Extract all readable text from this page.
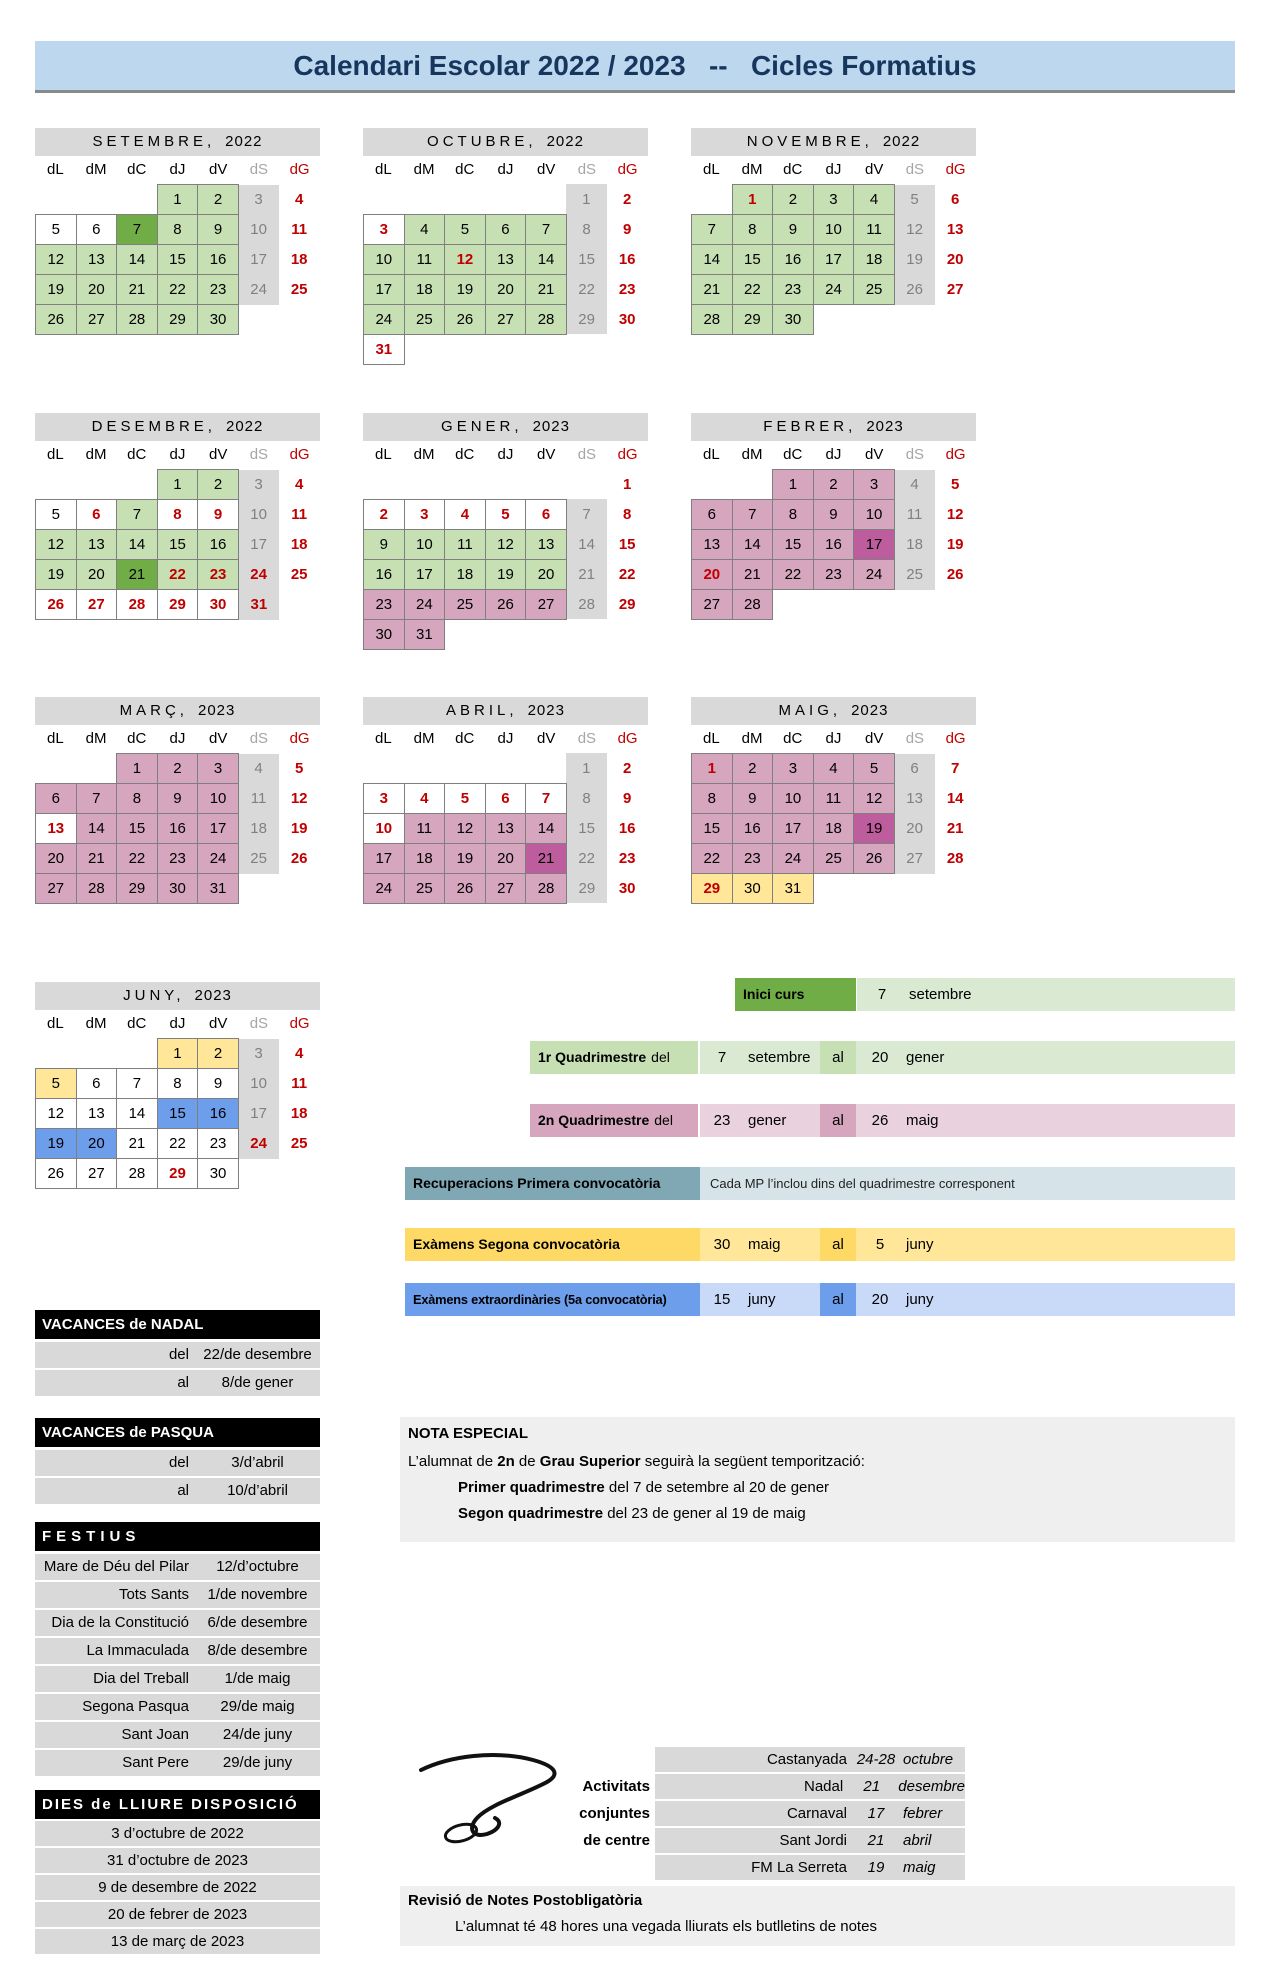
Calendari Escolar 2022 / 2023   --   Cicles Formatius
SETEMBRE, 2022
dL	dM	dC	dJ	dV	dS	dG
			1	2	3	4
5	6	7	8	9	10	11
12	13	14	15	16	17	18
19	20	21	22	23	24	25
26	27	28	29	30		
OCTUBRE, 2022
dL	dM	dC	dJ	dV	dS	dG
					1	2
3	4	5	6	7	8	9
10	11	12	13	14	15	16
17	18	19	20	21	22	23
24	25	26	27	28	29	30
31						
NOVEMBRE, 2022
dL	dM	dC	dJ	dV	dS	dG
	1	2	3	4	5	6
7	8	9	10	11	12	13
14	15	16	17	18	19	20
21	22	23	24	25	26	27
28	29	30				
DESEMBRE, 2022
dL	dM	dC	dJ	dV	dS	dG
			1	2	3	4
5	6	7	8	9	10	11
12	13	14	15	16	17	18
19	20	21	22	23	24	25
26	27	28	29	30	31	
GENER, 2023
dL	dM	dC	dJ	dV	dS	dG
						1
2	3	4	5	6	7	8
9	10	11	12	13	14	15
16	17	18	19	20	21	22
23	24	25	26	27	28	29
30	31					
FEBRER, 2023
dL	dM	dC	dJ	dV	dS	dG
		1	2	3	4	5
6	7	8	9	10	11	12
13	14	15	16	17	18	19
20	21	22	23	24	25	26
27	28					
MARÇ, 2023
dL	dM	dC	dJ	dV	dS	dG
		1	2	3	4	5
6	7	8	9	10	11	12
13	14	15	16	17	18	19
20	21	22	23	24	25	26
27	28	29	30	31		
ABRIL, 2023
dL	dM	dC	dJ	dV	dS	dG
					1	2
3	4	5	6	7	8	9
10	11	12	13	14	15	16
17	18	19	20	21	22	23
24	25	26	27	28	29	30
MAIG, 2023
dL	dM	dC	dJ	dV	dS	dG
1	2	3	4	5	6	7
8	9	10	11	12	13	14
15	16	17	18	19	20	21
22	23	24	25	26	27	28
29	30	31				
JUNY, 2023
dL	dM	dC	dJ	dV	dS	dG
			1	2	3	4
5	6	7	8	9	10	11
12	13	14	15	16	17	18
19	20	21	22	23	24	25
26	27	28	29	30		
Inici curs	7	setembre
1r Quadrimestre del	7	setembre	al	20	gener
2n Quadrimestre del	23	gener	al	26	maig
Recuperacions Primera convocatòria	Cada MP l’inclou dins del quadrimestre corresponent
Exàmens Segona convocatòria	30	maig	al	5	juny
Exàmens extraordinàries (5a convocatòria)	15	juny	al	20	juny
VACANCES de NADAL
del 22/de desembre
al	8/de gener
VACANCES de PASQUA
del	3/d’abril
al	10/d’abril
FESTIUS
Mare de Déu del Pilar	12/d’octubre
Tots Sants	1/de novembre
Dia de la Constitució	6/de desembre
La Immaculada	8/de desembre
Dia del Treball	1/de maig
Segona Pasqua	29/de maig
Sant Joan	24/de juny
Sant Pere	29/de juny
DIES de LLIURE DISPOSICIÓ
3 d’octubre de 2022
31 d’octubre de 2023
9 de desembre de 2022
20 de febrer de 2023
13 de març de 2023
NOTA ESPECIAL
L’alumnat de 2n de Grau Superior seguirà la següent temporització:
Primer quadrimestre del 7 de setembre al 20 de gener
Segon quadrimestre del 23 de gener al 19 de maig
Activitats
conjuntes
de centre
Castanyada 24-28 octubre
Nadal	21	desembre
Carnaval	17	febrer
Sant Jordi	21	abril
FM La Serreta	19	maig
Revisió de Notes Postobligatòria
L’alumnat té 48 hores una vegada lliurats els butlletins de notes
